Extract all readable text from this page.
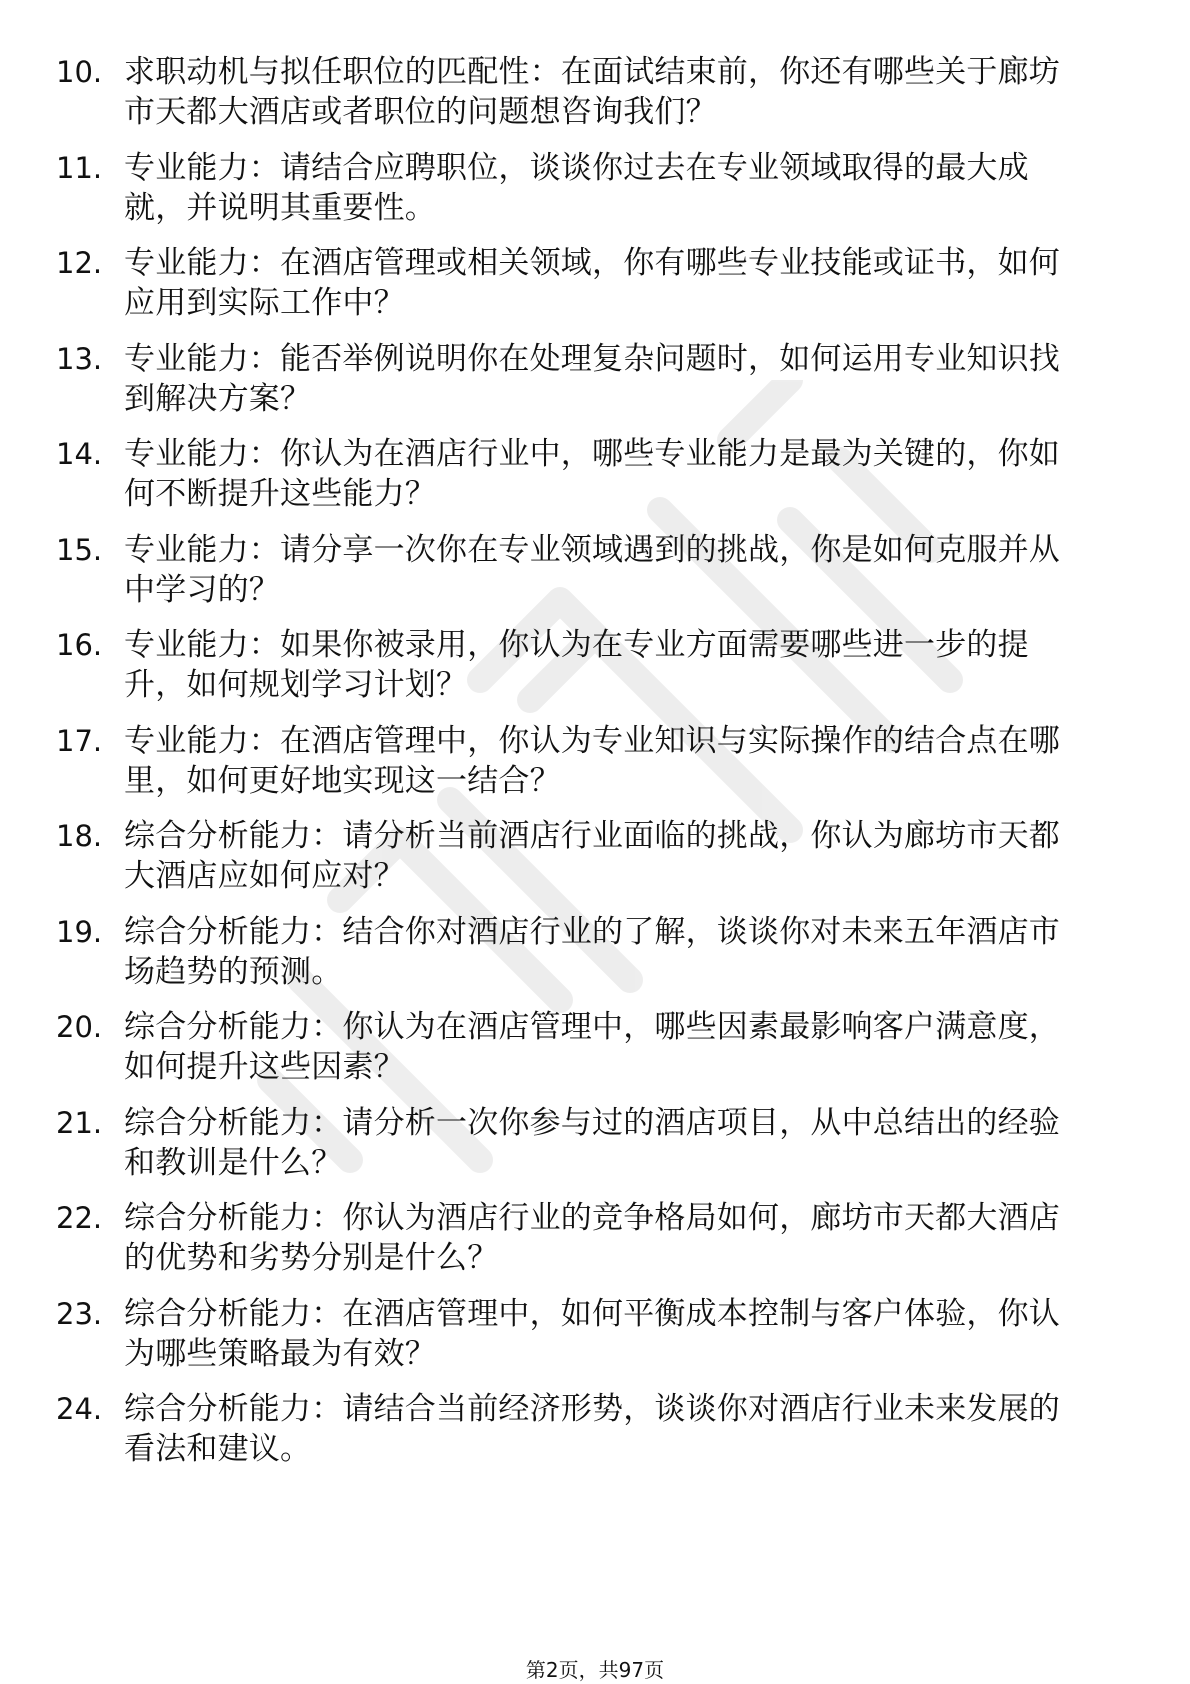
10. 求职动机与拟任职位的匹配性：在面试结束前，你还有哪些关于廊坊市天都大酒店或者职位的问题想咨询我们？
11. 专业能力：请结合应聘职位，谈谈你过去在专业领域取得的最大成就，并说明其重要性。
12. 专业能力：在酒店管理或相关领域，你有哪些专业技能或证书，如何应用到实际工作中？
13. 专业能力：能否举例说明你在处理复杂问题时，如何运用专业知识找到解决方案？
14. 专业能力：你认为在酒店行业中，哪些专业能力是最为关键的，你如何不断提升这些能力？
15. 专业能力：请分享一次你在专业领域遇到的挑战，你是如何克服并从中学习的？
16. 专业能力：如果你被录用，你认为在专业方面需要哪些进一步的提升，如何规划学习计划？
17. 专业能力：在酒店管理中，你认为专业知识与实际操作的结合点在哪里，如何更好地实现这一结合？
18. 综合分析能力：请分析当前酒店行业面临的挑战，你认为廊坊市天都大酒店应如何应对？
19. 综合分析能力：结合你对酒店行业的了解，谈谈你对未来五年酒店市场趋势的预测。
20. 综合分析能力：你认为在酒店管理中，哪些因素最影响客户满意度，如何提升这些因素？
21. 综合分析能力：请分析一次你参与过的酒店项目，从中总结出的经验和教训是什么？
22. 综合分析能力：你认为酒店行业的竞争格局如何，廊坊市天都大酒店的优势和劣势分别是什么？
23. 综合分析能力：在酒店管理中，如何平衡成本控制与客户体验，你认为哪些策略最为有效？
24. 综合分析能力：请结合当前经济形势，谈谈你对酒店行业未来发展的看法和建议。
第2页，共97页
